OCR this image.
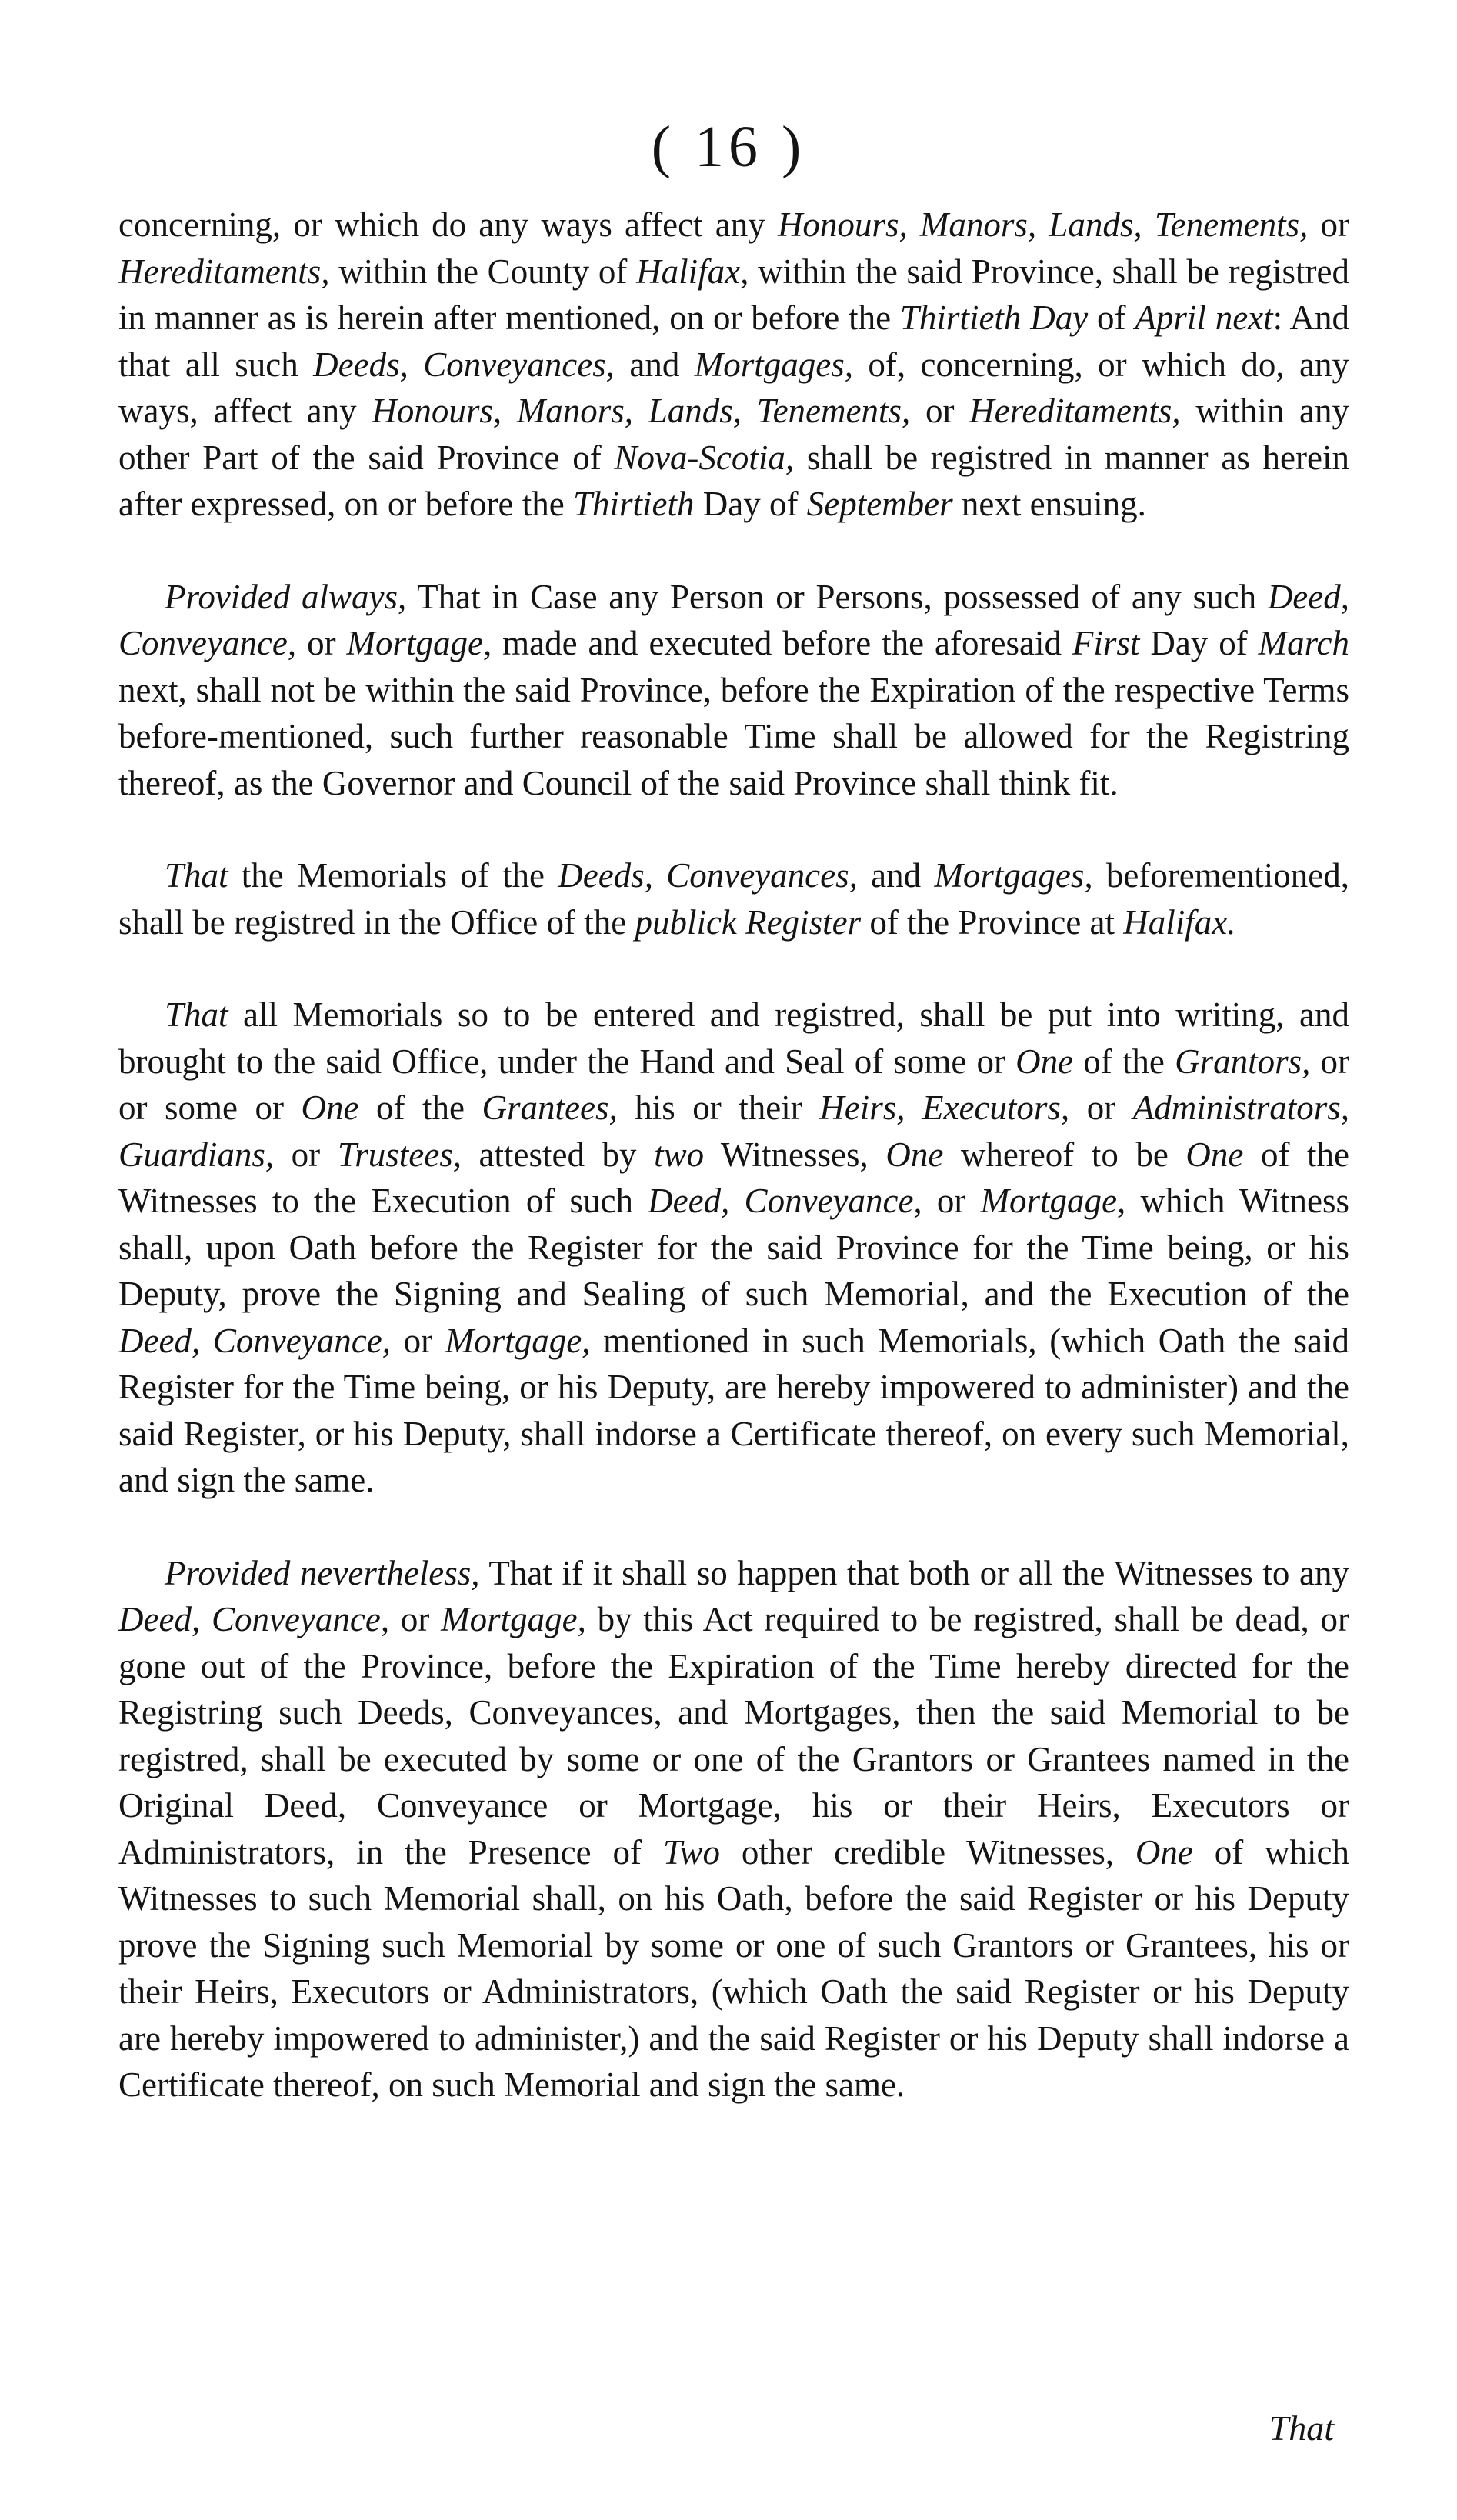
( 16 )

concerning, or which do any ways affect any Honours, Manors, Lands, Tenements, or Hereditaments, within the County of Halifax, within the said Province, shall be registred in manner as is herein after mentioned, on or before the Thirtieth Day of April next: And that all such Deeds, Conveyances, and Mortgages, of, concerning, or which do, any ways, affect any Honours, Manors, Lands, Tenements, or Hereditaments, within any other Part of the said Province of Nova-Scotia, shall be registred in manner as herein after expressed, on or before the Thirtieth Day of September next ensuing.

Provided always, That in Case any Person or Persons, possessed of any such Deed, Conveyance, or Mortgage, made and executed before the aforesaid First Day of March next, shall not be within the said Province, before the Expiration of the respective Terms before-mentioned, such further reasonable Time shall be allowed for the Registring thereof, as the Governor and Council of the said Province shall think fit.

That the Memorials of the Deeds, Conveyances, and Mortgages, beforementioned, shall be registred in the Office of the publick Register of the Province at Halifax.

That all Memorials so to be entered and registred, shall be put into writing, and brought to the said Office, under the Hand and Seal of some or One of the Grantors, or or some or One of the Grantees, his or their Heirs, Executors, or Administrators, Guardians, or Trustees, attested by two Witnesses, One whereof to be One of the Witnesses to the Execution of such Deed, Conveyance, or Mortgage, which Witness shall, upon Oath before the Register for the said Province for the Time being, or his Deputy, prove the Signing and Sealing of such Memorial, and the Execution of the Deed, Conveyance, or Mortgage, mentioned in such Memorials, (which Oath the said Register for the Time being, or his Deputy, are hereby impowered to administer) and the said Register, or his Deputy, shall indorse a Certificate thereof, on every such Memorial, and sign the same.

Provided nevertheless, That if it shall so happen that both or all the Witnesses to any Deed, Conveyance, or Mortgage, by this Act required to be registred, shall be dead, or gone out of the Province, before the Expiration of the Time hereby directed for the Registring such Deeds, Conveyances, and Mortgages, then the said Memorial to be registred, shall be executed by some or one of the Grantors or Grantees named in the Original Deed, Conveyance or Mortgage, his or their Heirs, Executors or Administrators, in the Presence of Two other credible Witnesses, One of which Witnesses to such Memorial shall, on his Oath, before the said Register or his Deputy prove the Signing such Memorial by some or one of such Grantors or Grantees, his or their Heirs, Executors or Administrators, (which Oath the said Register or his Deputy are hereby impowered to administer,) and the said Register or his Deputy shall indorse a Certificate thereof, on such Memorial and sign the same.

That
